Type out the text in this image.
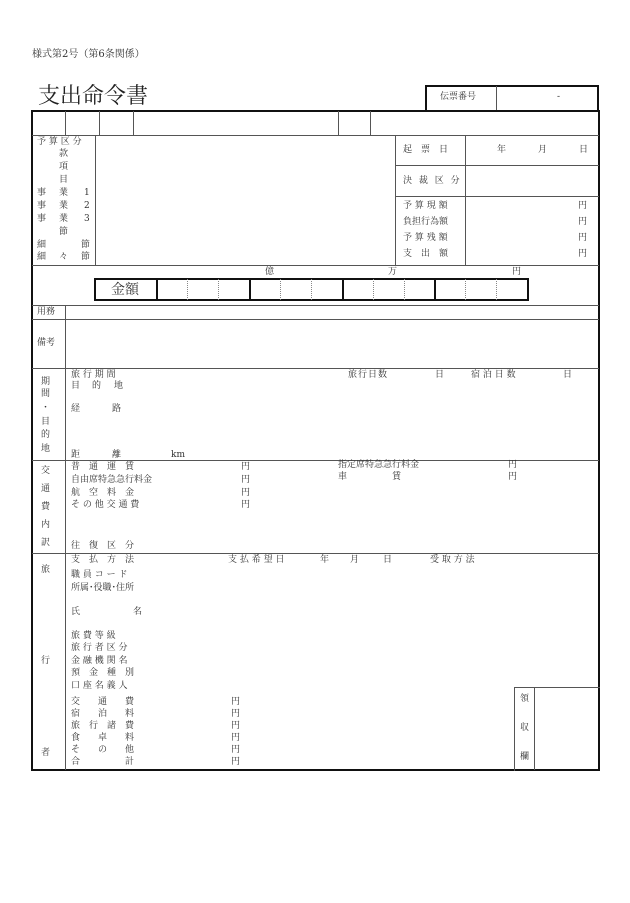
様式第2号（第6条関係）
支出命令書	伝票番号	-
予 算 区 分
款
項
目
事 業 1
事 業 2
事 業 3
節
細	節
細 々 節
起　票　日	年	月	日
決 裁 区 分
予 算 現 額	円
負担行為額	円
予 算 残 額	円
支　出　額	円
億	万	円
金額
用務
備考
期
間
・
目
的
地
旅 行 期 間
目 的 地
経	路
距	離	km
旅行日数	日	宿 泊 日 数	日
交
通
費
内
訳
普　通　運　賃	円
自由席特急急行料金	円
航　空　料　金	円
そ の 他 交 通 費	円
指定席特急急行料金	円
車　　　　　賃	円
往　復　区　分
旅
行
者
支　払　方　法	支 払 希 望 日	年 月	日	受 取 方 法
職 員 コ ー ド
所属･役職･住所
氏	名
旅 費 等 級
旅 行 者 区 分
金 融 機 関 名
預　金　種　別
口 座 名 義 人
交　　通　　費	円
宿　　泊　　料	円
旅　行　諸　費	円
食　　卓　　料	円
そ　　の　　他	円
合　　　　　計	円
領
収
欄
